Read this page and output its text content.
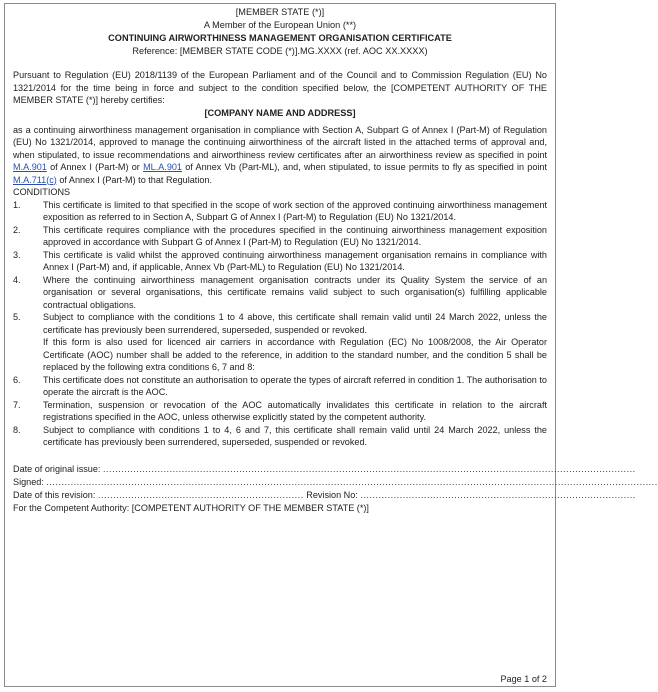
[MEMBER STATE (*)]
A Member of the European Union (**)
CONTINUING AIRWORTHINESS MANAGEMENT ORGANISATION CERTIFICATE
Reference: [MEMBER STATE CODE (*)].MG.XXXX (ref. AOC XX.XXXX)
Pursuant to Regulation (EU) 2018/1139 of the European Parliament and of the Council and to Commission Regulation (EU) No 1321/2014 for the time being in force and subject to the condition specified below, the [COMPETENT AUTHORITY OF THE MEMBER STATE (*)] hereby certifies:
[COMPANY NAME AND ADDRESS]
as a continuing airworthiness management organisation in compliance with Section A, Subpart G of Annex I (Part-M) of Regulation (EU) No 1321/2014, approved to manage the continuing airworthiness of the aircraft listed in the attached terms of approval and, when stipulated, to issue recommendations and airworthiness review certificates after an airworthiness review as specified in point M.A.901 of Annex I (Part-M) or ML.A.901 of Annex Vb (Part-ML), and, when stipulated, to issue permits to fly as specified in point M.A.711(c) of Annex I (Part-M) to that Regulation.
CONDITIONS
1. This certificate is limited to that specified in the scope of work section of the approved continuing airworthiness management exposition as referred to in Section A, Subpart G of Annex I (Part-M) to Regulation (EU) No 1321/2014.
2. This certificate requires compliance with the procedures specified in the continuing airworthiness management exposition approved in accordance with Subpart G of Annex I (Part-M) to Regulation (EU) No 1321/2014.
3. This certificate is valid whilst the approved continuing airworthiness management organisation remains in compliance with Annex I (Part-M) and, if applicable, Annex Vb (Part-ML) to Regulation (EU) No 1321/2014.
4. Where the continuing airworthiness management organisation contracts under its Quality System the service of an organisation or several organisations, this certificate remains valid subject to such organisation(s) fulfilling applicable contractual obligations.
5. Subject to compliance with the conditions 1 to 4 above, this certificate shall remain valid until 24 March 2022, unless the certificate has previously been surrendered, superseded, suspended or revoked.
If this form is also used for licenced air carriers in accordance with Regulation (EC) No 1008/2008, the Air Operator Certificate (AOC) number shall be added to the reference, in addition to the standard number, and the condition 5 shall be replaced by the following extra conditions 6, 7 and 8:
6. This certificate does not constitute an authorisation to operate the types of aircraft referred in condition 1. The authorisation to operate the aircraft is the AOC.
7. Termination, suspension or revocation of the AOC automatically invalidates this certificate in relation to the aircraft registrations specified in the AOC, unless otherwise explicitly stated by the competent authority.
8. Subject to compliance with conditions 1 to 4, 6 and 7, this certificate shall remain valid until 24 March 2022, unless the certificate has previously been surrendered, superseded, suspended or revoked.
Date of original issue: ................................................................................................................................................................................
Signed: ..........................................................................................................................................................................................................
Date of this revision: .................................................................... Revision No: ...........................................................................................
For the Competent Authority: [COMPETENT AUTHORITY OF THE MEMBER STATE (*)]
Page 1 of 2
